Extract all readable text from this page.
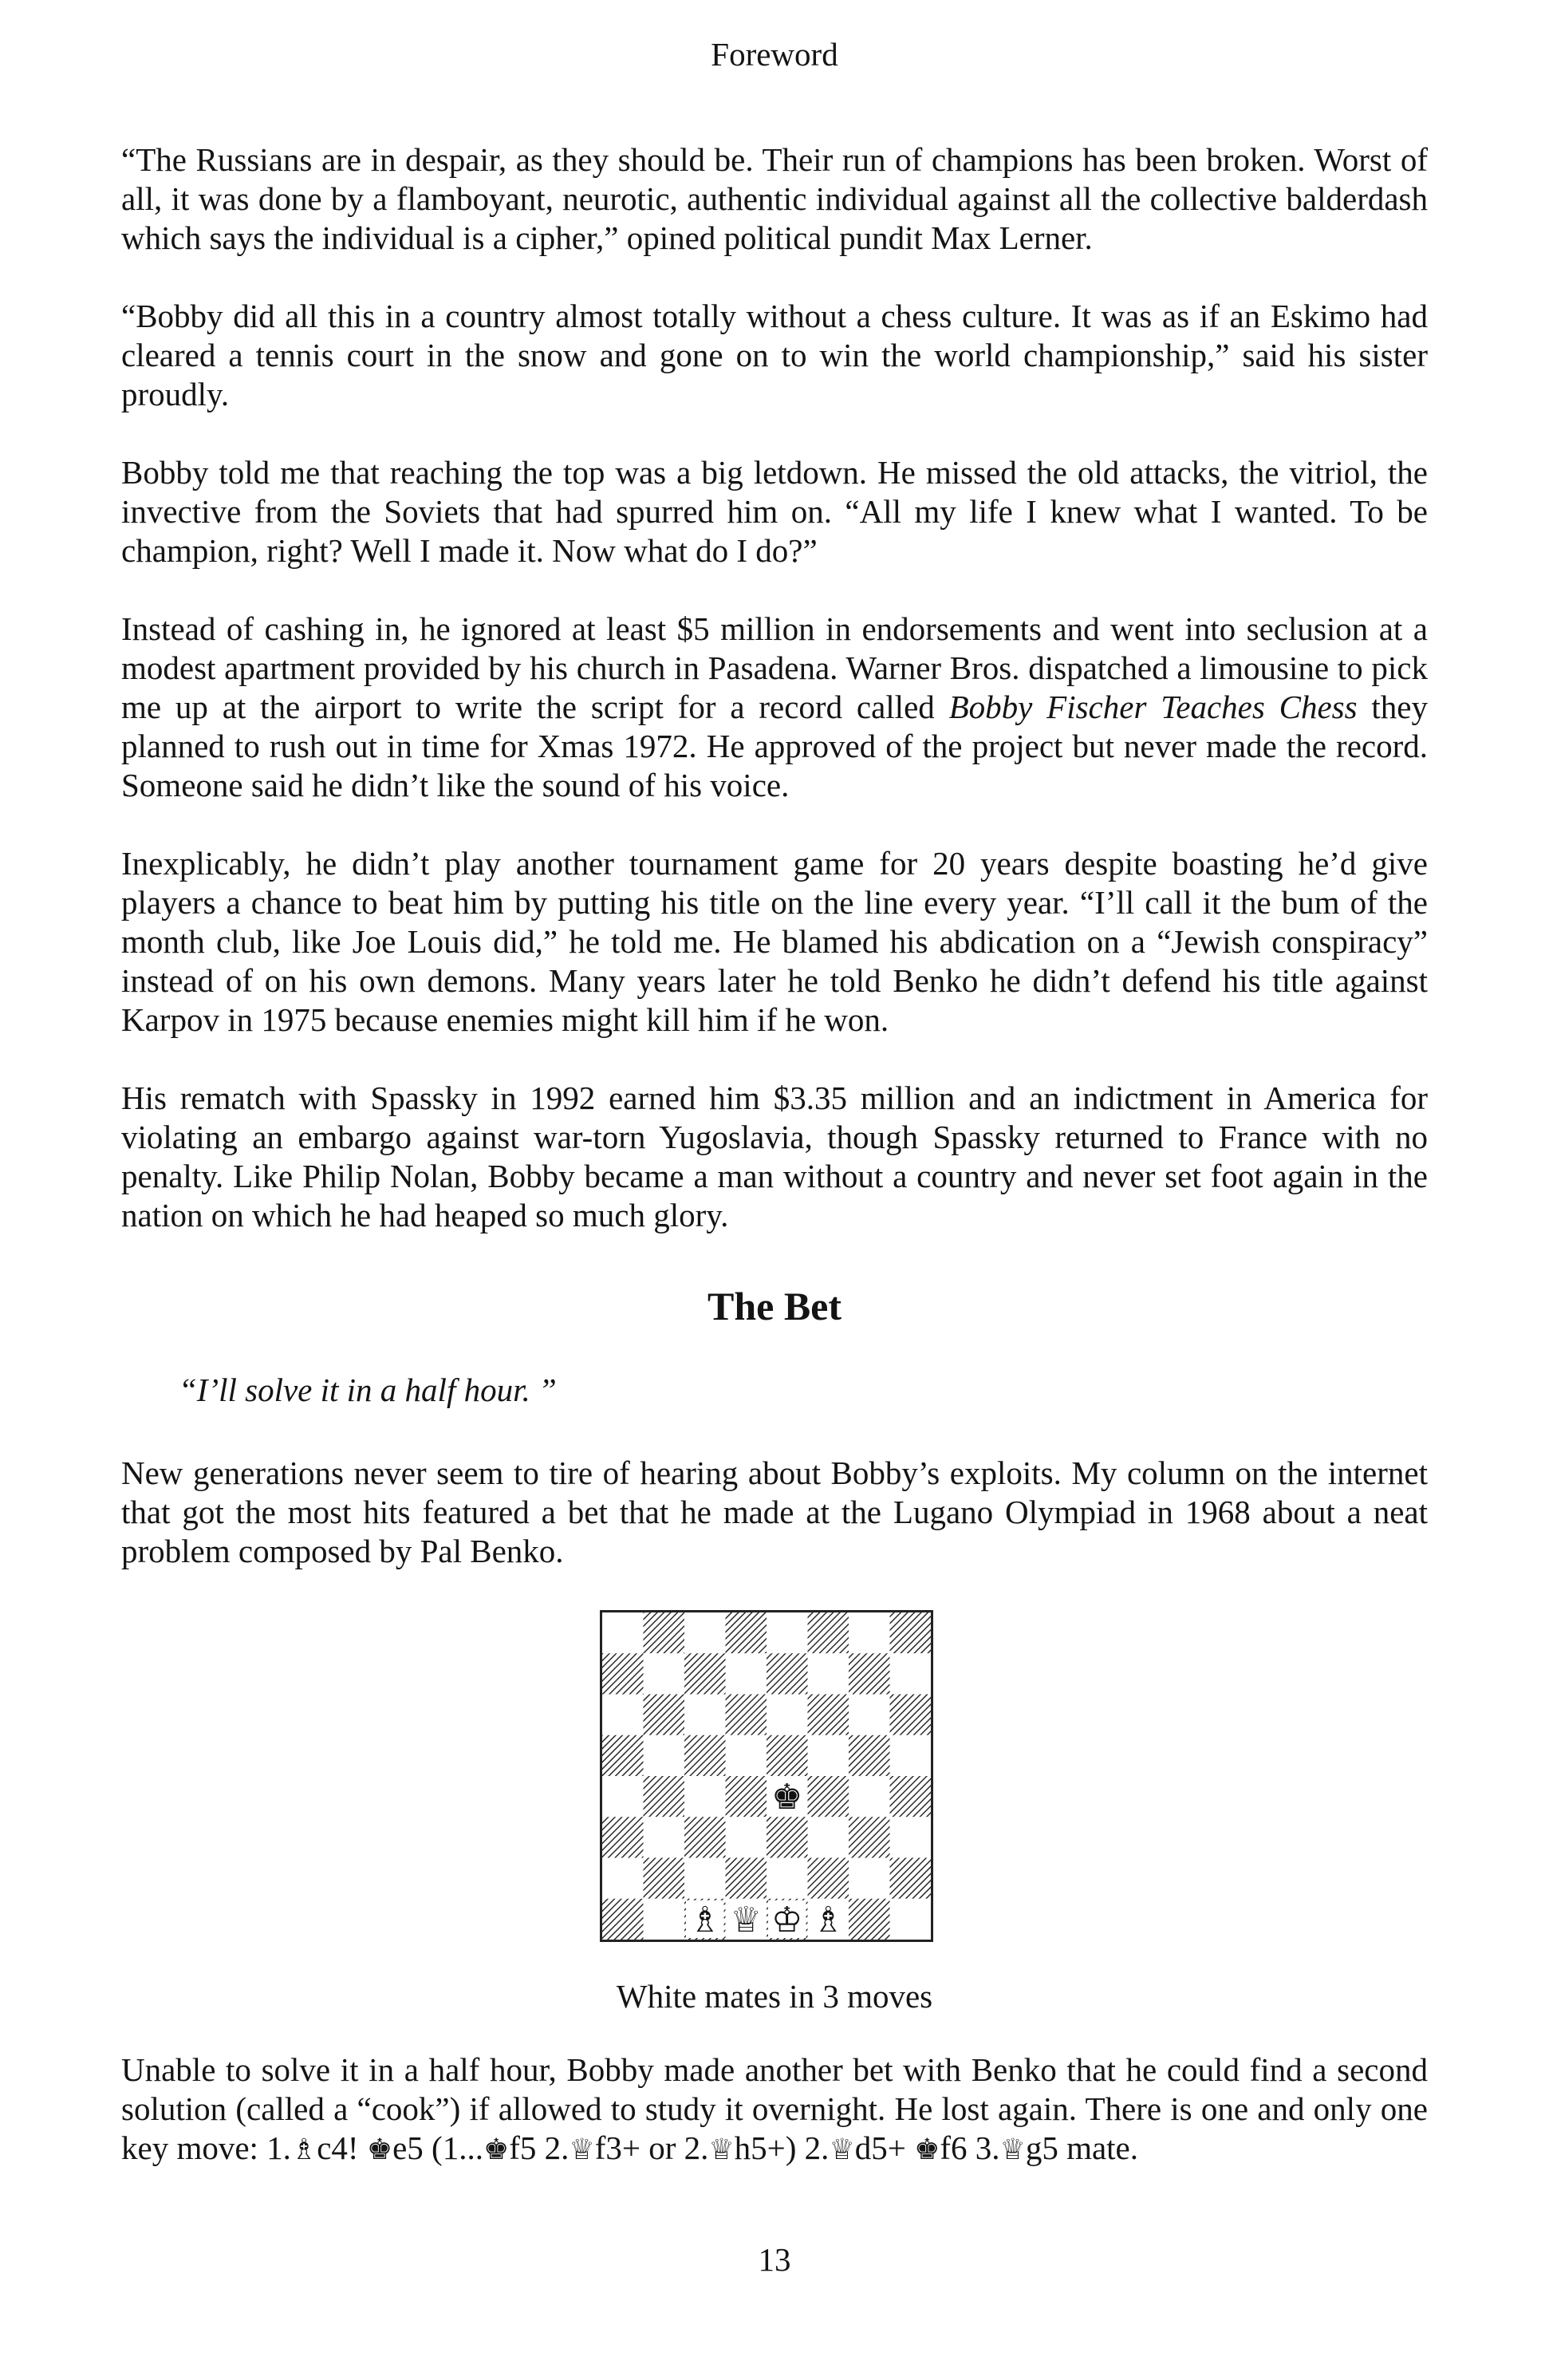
Foreword

“The Russians are in despair, as they should be. Their run of champions has been broken. Worst of all, it was done by a flamboyant, neurotic, authentic individual against all the collective balderdash which says the individual is a cipher,” opined political pundit Max Lerner.

“Bobby did all this in a country almost totally without a chess culture. It was as if an Eskimo had cleared a tennis court in the snow and gone on to win the world championship,” said his sister proudly.

Bobby told me that reaching the top was a big letdown. He missed the old attacks, the vitriol, the invective from the Soviets that had spurred him on. “All my life I knew what I wanted. To be champion, right? Well I made it. Now what do I do?”

Instead of cashing in, he ignored at least $5 million in endorsements and went into seclusion at a modest apartment provided by his church in Pasadena. Warner Bros. dispatched a limousine to pick me up at the airport to write the script for a record called Bobby Fischer Teaches Chess they planned to rush out in time for Xmas 1972. He approved of the project but never made the record. Someone said he didn’t like the sound of his voice.

Inexplicably, he didn’t play another tournament game for 20 years despite boasting he’d give players a chance to beat him by putting his title on the line every year. “I’ll call it the bum of the month club, like Joe Louis did,” he told me. He blamed his abdication on a “Jewish conspiracy” instead of on his own demons. Many years later he told Benko he didn’t defend his title against Karpov in 1975 because enemies might kill him if he won.

His rematch with Spassky in 1992 earned him $3.35 million and an indictment in America for violating an embargo against war-torn Yugoslavia, though Spassky returned to France with no penalty. Like Philip Nolan, Bobby became a man without a country and never set foot again in the nation on which he had heaped so much glory.

The Bet
“I’ll solve it in a half hour. ”

New generations never seem to tire of hearing about Bobby’s exploits. My column on the internet that got the most hits featured a bet that he made at the Lugano Olympiad in 1968 about a neat problem composed by Pal Benko.

♚
♗ ♕ ♔ ♗
White mates in 3 moves

Unable to solve it in a half hour, Bobby made another bet with Benko that he could find a second solution (called a “cook”) if allowed to study it overnight. He lost again. There is one and only one key move: 1.♗c4! ♚e5 (1...♚f5 2.♕f3+ or 2.♕h5+) 2.♕d5+ ♚f6 3.♕g5 mate.

13
